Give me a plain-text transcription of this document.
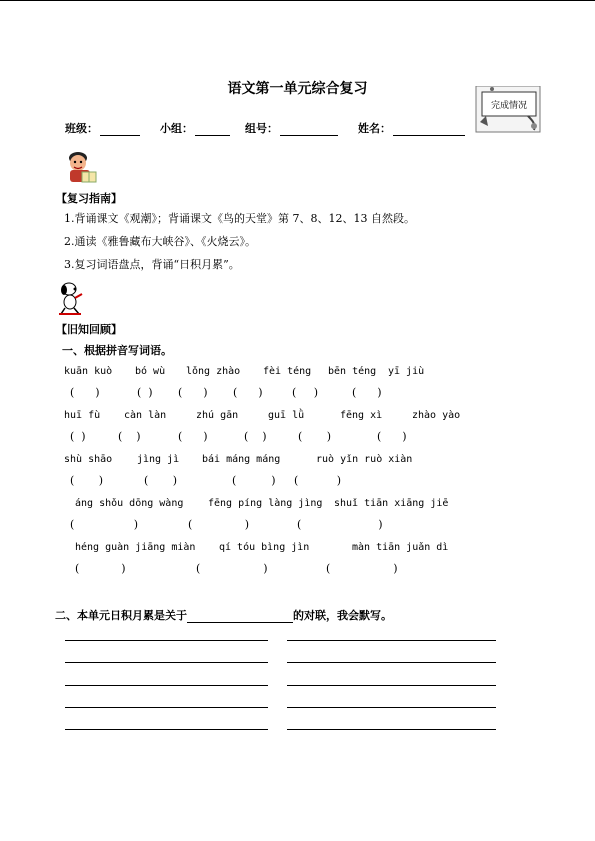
语文第一单元综合复习
完成情况
班级：	小组：	组号：	姓名：
【复习指南】
1.背诵课文《观潮》；背诵课文《鸟的天堂》第 7、8、12、13 自然段。
2.通读《雅鲁藏布大峡谷》、《火烧云》。
3.复习词语盘点，背诵“日积月累”。
【旧知回顾】
一、根据拼音写词语。
kuān kuò bó wù lǒng zhào fèi téng bēn téng yī jiù
(      )	(  ) (      ) (      )	(     )	(      )
huī fù càn làn	zhú gān	guī lǜ	fēng xì	zhào yào
(  )	(    )	(      )	(    )	(       )	(      )
shù shāo jìng jì bái máng máng	ruò yǐn ruò xiàn
(       )	(       )	(          ) (           )
áng shǒu dōng wàng fēng píng làng jìng shuǐ tiān xiāng jiē
(                 )	(               )	(                      )
héng guàn jiāng miàn qí tóu bìng jìn	màn tiān juǎn dì
(            )	(                  )	(                  )
二、本单元日积月累是关于	的对联，我会默写。
